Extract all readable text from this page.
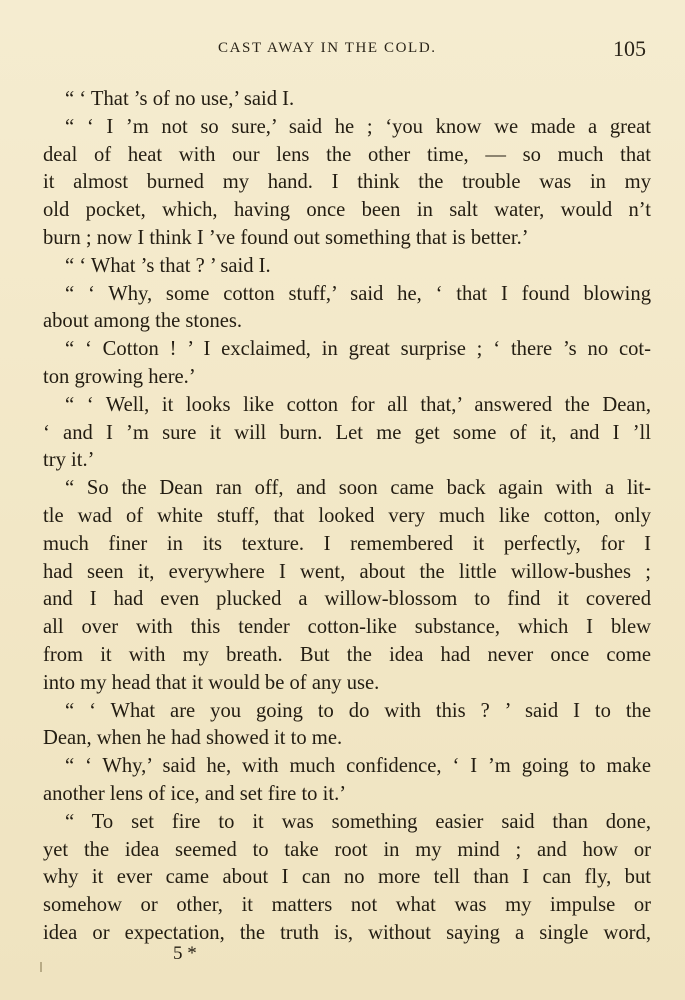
CAST AWAY IN THE COLD.	105
“ ‘ That ’s of no use,’ said I.
“ ‘ I ’m not so sure,’ said he ; ‘you know we made a great
deal of heat with our lens the other time, — so much that
it almost burned my hand. I think the trouble was in my
old pocket, which, having once been in salt water, would n’t
burn ; now I think I ’ve found out something that is better.’
“ ‘ What ’s that ? ’ said I.
“ ‘ Why, some cotton stuff,’ said he, ‘ that I found blowing
about among the stones.
“ ‘ Cotton ! ’ I exclaimed, in great surprise ; ‘ there ’s no cot-
ton growing here.’
“ ‘ Well, it looks like cotton for all that,’ answered the Dean,
‘ and I ’m sure it will burn. Let me get some of it, and I ’ll
try it.’
“ So the Dean ran off, and soon came back again with a lit-
tle wad of white stuff, that looked very much like cotton, only
much finer in its texture. I remembered it perfectly, for I
had seen it, everywhere I went, about the little willow-bushes ;
and I had even plucked a willow-blossom to find it covered
all over with this tender cotton-like substance, which I blew
from it with my breath. But the idea had never once come
into my head that it would be of any use.
“ ‘ What are you going to do with this ? ’ said I to the
Dean, when he had showed it to me.
“ ‘ Why,’ said he, with much confidence, ‘ I ’m going to make
another lens of ice, and set fire to it.’
“ To set fire to it was something easier said than done,
yet the idea seemed to take root in my mind ; and how or
why it ever came about I can no more tell than I can fly, but
somehow or other, it matters not what was my impulse or
idea or expectation, the truth is, without saying a single word,
5 *
